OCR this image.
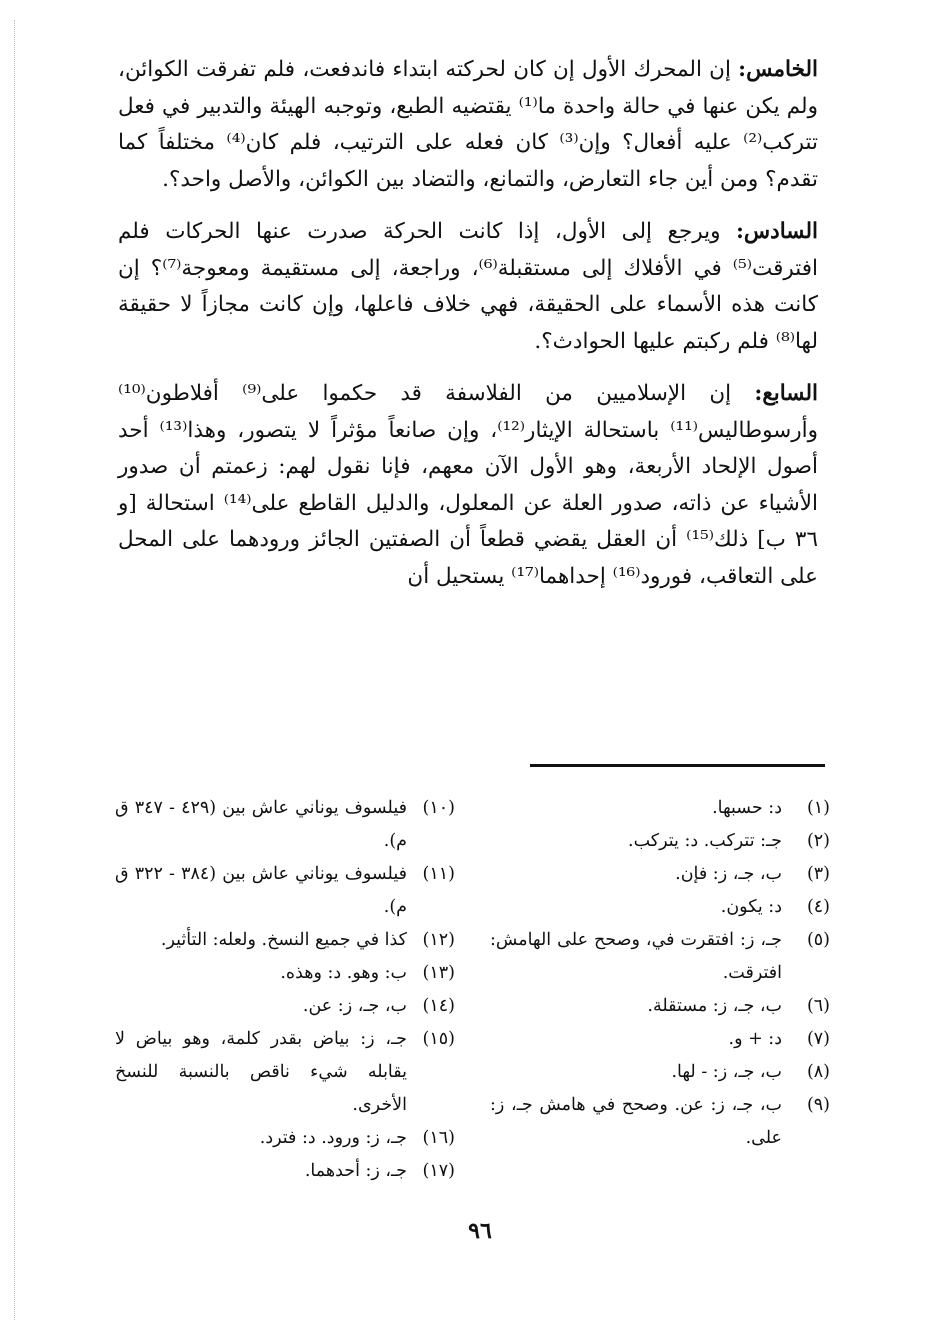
الخامس: إن المحرك الأول إن كان لحركته ابتداء فاندفعت، فلم تفرقت الكوائن، ولم يكن عنها في حالة واحدة ما⁽¹⁾ يقتضيه الطبع، وتوجبه الهيئة والتدبير في فعل تتركب⁽²⁾ عليه أفعال؟ وإن⁽³⁾ كان فعله على الترتيب، فلم كان⁽⁴⁾ مختلفاً كما تقدم؟ ومن أين جاء التعارض، والتمانع، والتضاد بين الكوائن، والأصل واحد؟.

السادس: ويرجع إلى الأول، إذا كانت الحركة صدرت عنها الحركات فلم افترقت⁽⁵⁾ في الأفلاك إلى مستقبلة⁽⁶⁾، وراجعة، إلى مستقيمة ومعوجة⁽⁷⁾؟ إن كانت هذه الأسماء على الحقيقة، فهي خلاف فاعلها، وإن كانت مجازاً لا حقيقة لها⁽⁸⁾ فلم ركبتم عليها الحوادث؟.

السابع: إن الإسلاميين من الفلاسفة قد حكموا على⁽⁹⁾ أفلاطون⁽¹⁰⁾ وأرسوطاليس⁽¹¹⁾ باستحالة الإيثار⁽¹²⁾، وإن صانعاً مؤثراً لا يتصور، وهذا⁽¹³⁾ أحد أصول الإلحاد الأربعة، وهو الأول الآن معهم، فإنا نقول لهم: زعمتم أن صدور الأشياء عن ذاته، صدور العلة عن المعلول، والدليل القاطع على⁽¹⁴⁾ استحالة [و ٣٦ ب] ذلك⁽¹⁵⁾ أن العقل يقضي قطعاً أن الصفتين الجائز ورودهما على المحل على التعاقب، فورود⁽¹⁶⁾ إحداهما⁽¹⁷⁾ يستحيل أن

(١)
د: حسبها.
(٢)
جـ: تتركب. د: يتركب.
(٣)
ب، جـ، ز: فإن.
(٤)
د: يكون.
(٥)
جـ، ز: افتقرت في، وصحح على الهامش: افترقت.
(٦)
ب، جـ، ز: مستقلة.
(٧)
د: + و.
(٨)
ب، جـ، ز: - لها.
(٩)
ب، جـ، ز: عن. وصحح في هامش جـ، ز: على.
(١٠)
فيلسوف يوناني عاش بين (٤٢٩ - ٣٤٧ ق م).
(١١)
فيلسوف يوناني عاش بين (٣٨٤ - ٣٢٢ ق م).
(١٢)
كذا في جميع النسخ. ولعله: التأثير.
(١٣)
ب: وهو. د: وهذه.
(١٤)
ب، جـ، ز: عن.
(١٥)
جـ، ز: بياض بقدر كلمة، وهو بياض لا يقابله شيء ناقص بالنسبة للنسخ الأخرى.
(١٦)
جـ، ز: ورود. د: فترد.
(١٧)
جـ، ز: أحدهما.
٩٦
